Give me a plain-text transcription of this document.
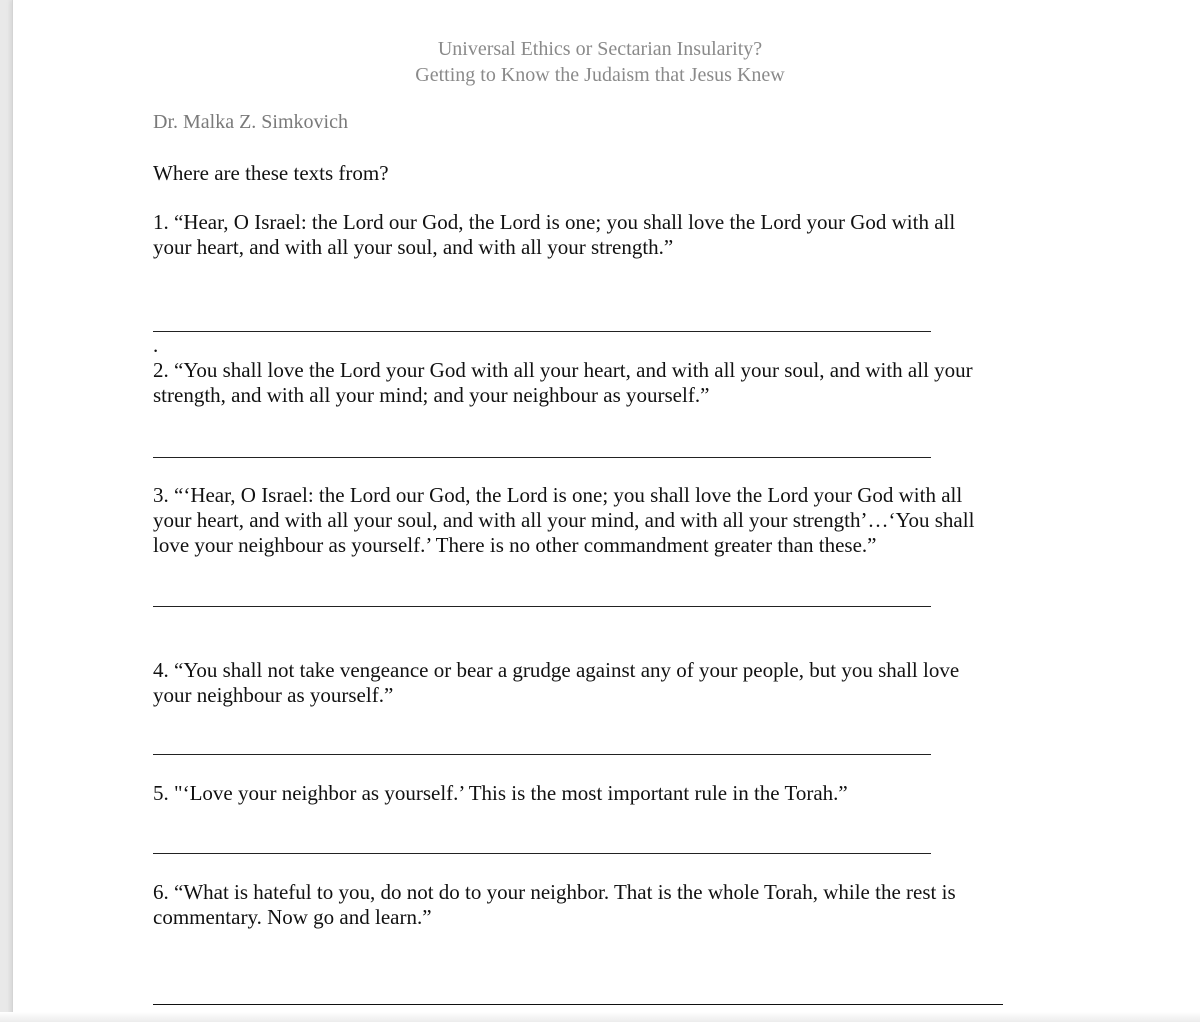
Universal Ethics or Sectarian Insularity?
Getting to Know the Judaism that Jesus Knew
Dr. Malka Z. Simkovich
Where are these texts from?
1. “Hear, O Israel: the Lord our God, the Lord is one; you shall love the Lord your God with all
your heart, and with all your soul, and with all your strength.”
.
2. “You shall love the Lord your God with all your heart, and with all your soul, and with all your
strength, and with all your mind; and your neighbour as yourself.”
3. “‘Hear, O Israel: the Lord our God, the Lord is one; you shall love the Lord your God with all
your heart, and with all your soul, and with all your mind, and with all your strength’…‘You shall
love your neighbour as yourself.’ There is no other commandment greater than these.”
4. “You shall not take vengeance or bear a grudge against any of your people, but you shall love
your neighbour as yourself.”
5. "‘Love your neighbor as yourself.’ This is the most important rule in the Torah.”
6. “What is hateful to you, do not do to your neighbor. That is the whole Torah, while the rest is
commentary. Now go and learn.”
